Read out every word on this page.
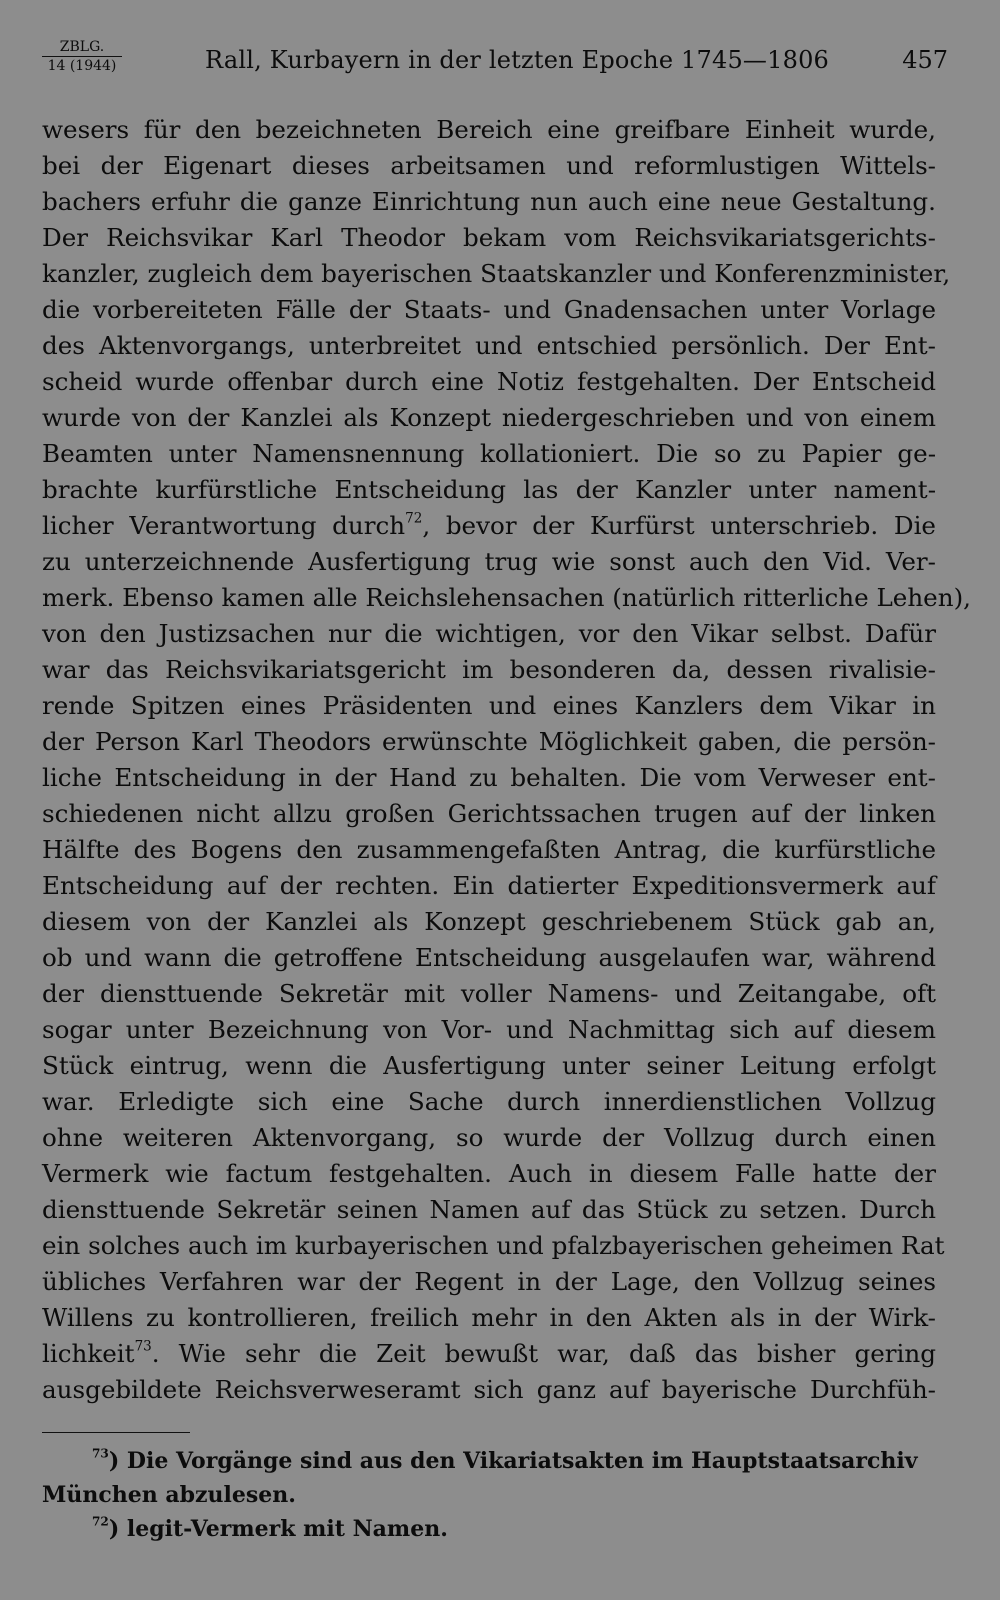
ZBLG.
14 (1944)	Rall, Kurbayern in der letzten Epoche 1745—1806	457
wesers für den bezeichneten Bereich eine greifbare Einheit wurde,
bei der Eigenart dieses arbeitsamen und reformlustigen Wittels-
bachers erfuhr die ganze Einrichtung nun auch eine neue Gestaltung.
Der Reichsvikar Karl Theodor bekam vom Reichsvikariatsgerichts-
kanzler, zugleich dem bayerischen Staatskanzler und Konferenzminister,
die vorbereiteten Fälle der Staats- und Gnadensachen unter Vorlage
des Aktenvorgangs, unterbreitet und entschied persönlich. Der Ent-
scheid wurde offenbar durch eine Notiz festgehalten. Der Entscheid
wurde von der Kanzlei als Konzept niedergeschrieben und von einem
Beamten unter Namensnennung kollationiert. Die so zu Papier ge-
brachte kurfürstliche Entscheidung las der Kanzler unter nament-
licher Verantwortung durch$^{72}$, bevor der Kurfürst unterschrieb. Die
zu unterzeichnende Ausfertigung trug wie sonst auch den Vid. Ver-
merk. Ebenso kamen alle Reichslehensachen (natürlich ritterliche Lehen),
von den Justizsachen nur die wichtigen, vor den Vikar selbst. Dafür
war das Reichsvikariatsgericht im besonderen da, dessen rivalisie-
rende Spitzen eines Präsidenten und eines Kanzlers dem Vikar in
der Person Karl Theodors erwünschte Möglichkeit gaben, die persön-
liche Entscheidung in der Hand zu behalten. Die vom Verweser ent-
schiedenen nicht allzu großen Gerichtssachen trugen auf der linken
Hälfte des Bogens den zusammengefaßten Antrag, die kurfürstliche
Entscheidung auf der rechten. Ein datierter Expeditionsvermerk auf
diesem von der Kanzlei als Konzept geschriebenem Stück gab an,
ob und wann die getroffene Entscheidung ausgelaufen war, während
der diensttuende Sekretär mit voller Namens- und Zeitangabe, oft
sogar unter Bezeichnung von Vor- und Nachmittag sich auf diesem
Stück eintrug, wenn die Ausfertigung unter seiner Leitung erfolgt
war. Erledigte sich eine Sache durch innerdienstlichen Vollzug
ohne weiteren Aktenvorgang, so wurde der Vollzug durch einen
Vermerk wie factum festgehalten. Auch in diesem Falle hatte der
diensttuende Sekretär seinen Namen auf das Stück zu setzen. Durch
ein solches auch im kurbayerischen und pfalzbayerischen geheimen Rat
übliches Verfahren war der Regent in der Lage, den Vollzug seines
Willens zu kontrollieren, freilich mehr in den Akten als in der Wirk-
lichkeit$^{73}$. Wie sehr die Zeit bewußt war, daß das bisher gering
ausgebildete Reichsverweseramt sich ganz auf bayerische Durchfüh-
$^{73}$) Die Vorgänge sind aus den Vikariatsakten im Hauptstaatsarchiv
München abzulesen.
$^{72}$) legit-Vermerk mit Namen.
